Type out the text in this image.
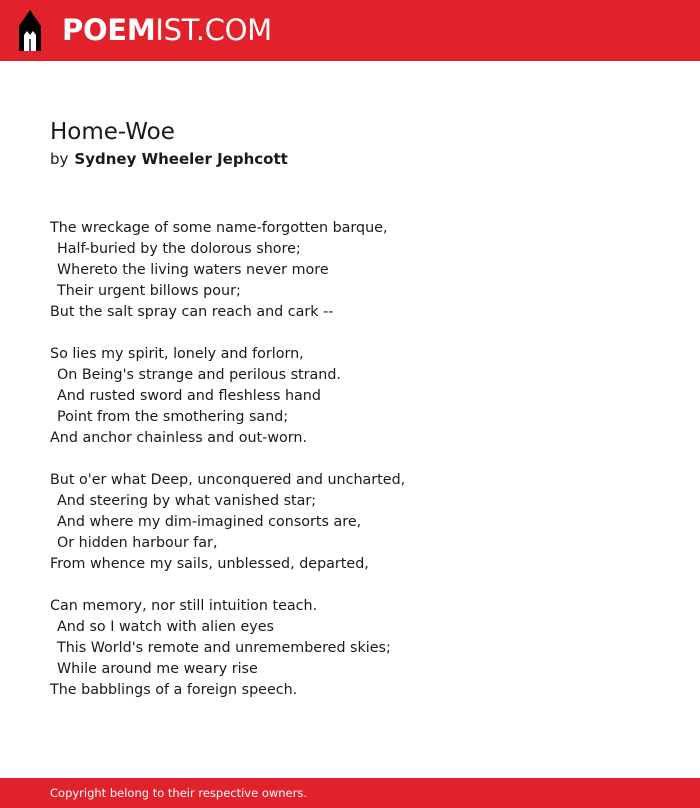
POEMIST.COM
Home-Woe
by Sydney Wheeler Jephcott
The wreckage of some name-forgotten barque,
Half-buried by the dolorous shore;
Whereto the living waters never more
Their urgent billows pour;
But the salt spray can reach and cark --
So lies my spirit, lonely and forlorn,
On Being's strange and perilous strand.
And rusted sword and fleshless hand
Point from the smothering sand;
And anchor chainless and out-worn.
But o'er what Deep, unconquered and uncharted,
And steering by what vanished star;
And where my dim-imagined consorts are,
Or hidden harbour far,
From whence my sails, unblessed, departed,
Can memory, nor still intuition teach.
And so I watch with alien eyes
This World's remote and unremembered skies;
While around me weary rise
The babblings of a foreign speech.
Copyright belong to their respective owners.
